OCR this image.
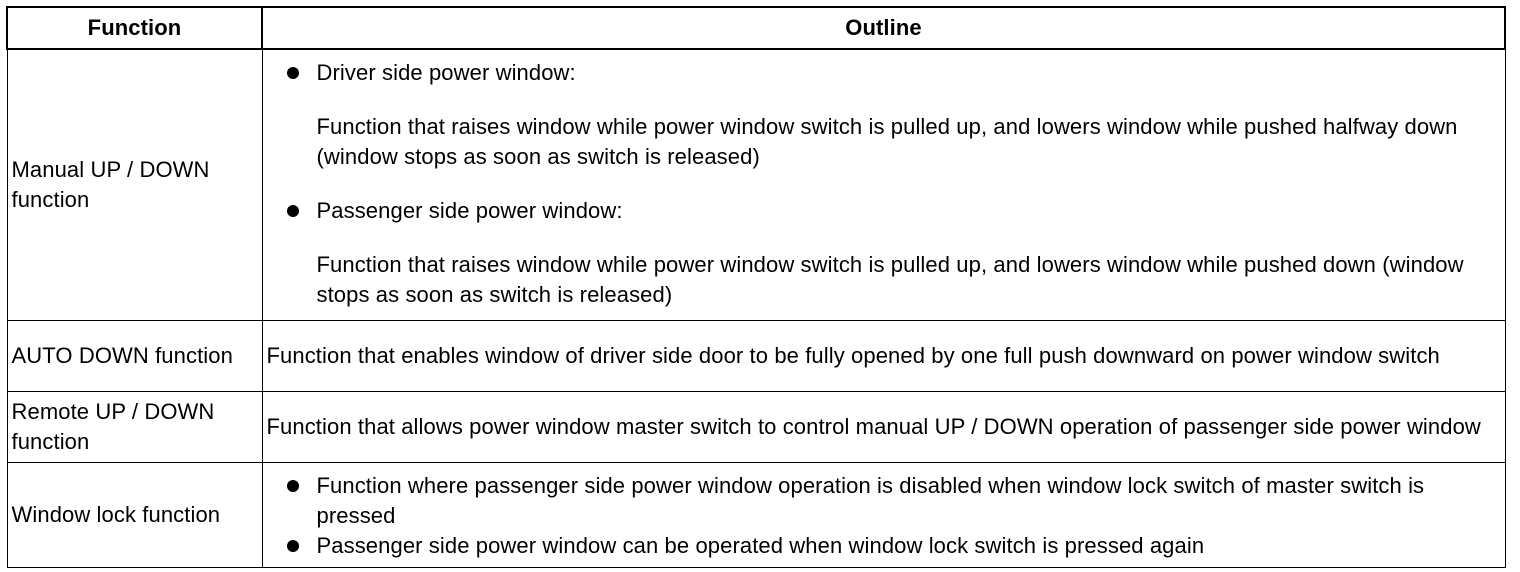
Function	Outline
Manual UP / DOWN function	Driver side power window:
Function that raises window while power window switch is pulled up, and lowers window while pushed halfway down (window stops as soon as switch is released)
Passenger side power window:
Function that raises window while power window switch is pulled up, and lowers window while pushed down (window stops as soon as switch is released)

AUTO DOWN function	Function that enables window of driver side door to be fully opened by one full push downward on power window switch
Remote UP / DOWN function	Function that allows power window master switch to control manual UP / DOWN operation of passenger side power window
Window lock function	Function where passenger side power window operation is disabled when window lock switch of master switch is pressed
Passenger side power window can be operated when window lock switch is pressed again
